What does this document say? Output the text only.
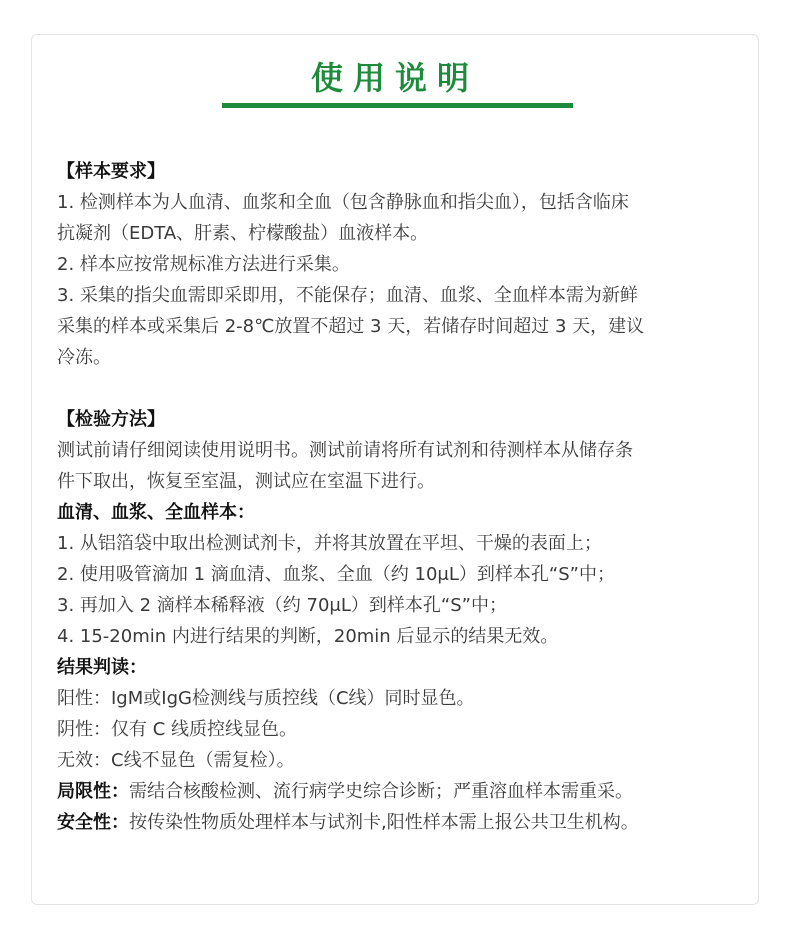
使用说明

【样本要求】

1. 检测样本为人血清、血浆和全血（包含静脉血和指尖血），包括含临床

抗凝剂（EDTA、肝素、柠檬酸盐）血液样本。

2. 样本应按常规标准方法进行采集。

3. 采集的指尖血需即采即用，不能保存；血清、血浆、全血样本需为新鲜

采集的样本或采集后 2-8℃放置不超过 3 天，若储存时间超过 3 天，建议

冷冻。

【检验方法】

测试前请仔细阅读使用说明书。测试前请将所有试剂和待测样本从储存条

件下取出，恢复至室温，测试应在室温下进行。

血清、血浆、全血样本：

1. 从铝箔袋中取出检测试剂卡，并将其放置在平坦、干燥的表面上；

2. 使用吸管滴加 1 滴血清、血浆、全血（约 10μL）到样本孔“S”中；

3. 再加入 2 滴样本稀释液（约 70μL）到样本孔“S”中；

4. 15-20min 内进行结果的判断，20min 后显示的结果无效。

结果判读：

阳性：IgM或IgG检测线与质控线（C线）同时显色。

阴性：仅有 C 线质控线显色。

无效：C线不显色（需复检）。

局限性：需结合核酸检测、流行病学史综合诊断；严重溶血样本需重采。

安全性：按传染性物质处理样本与试剂卡,阳性样本需上报公共卫生机构。
